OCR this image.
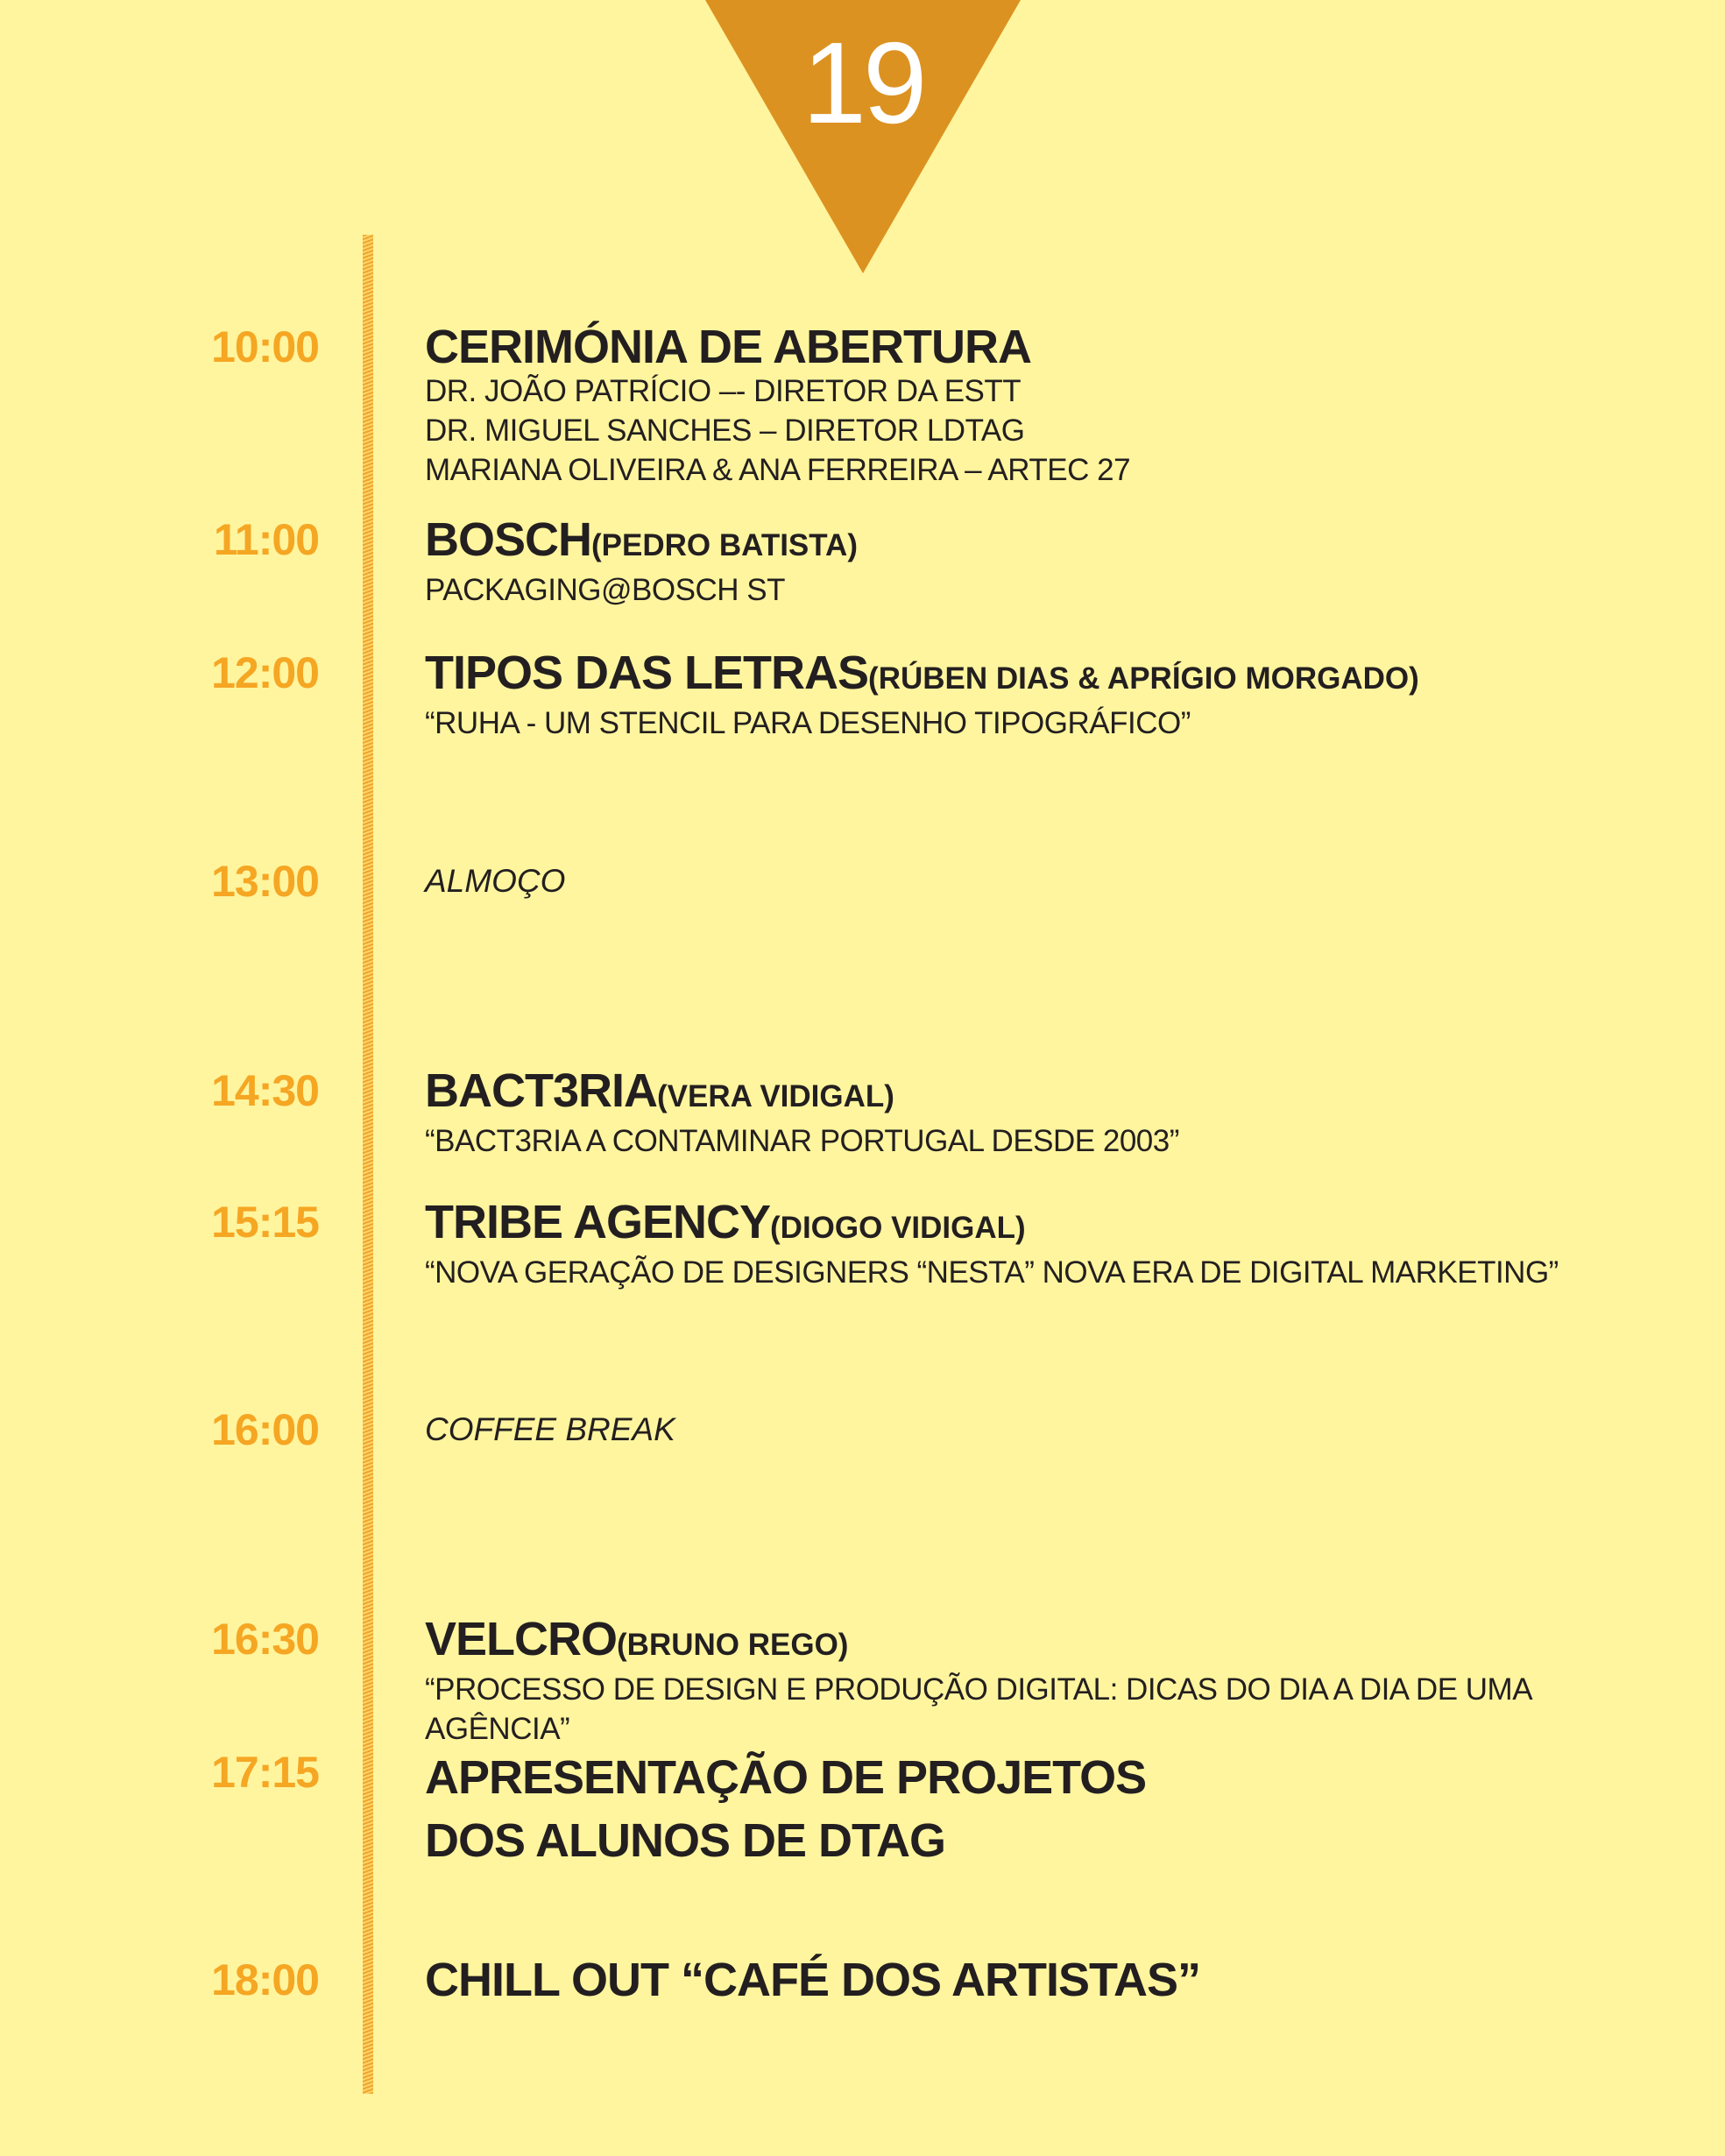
19
10:00 CERIMÓNIA DE ABERTURA
DR. JOÃO PATRÍCIO –- DIRETOR DA ESTT
DR. MIGUEL SANCHES – DIRETOR LDTAG
MARIANA OLIVEIRA & ANA FERREIRA – ARTEC 27
11:00 BOSCH(PEDRO BATISTA)
PACKAGING@BOSCH ST
12:00 TIPOS DAS LETRAS(RÚBEN DIAS & APRÍGIO MORGADO)
“RUHA - UM STENCIL PARA DESENHO TIPOGRÁFICO”
13:00	ALMOÇO
14:30 BACT3RIA(VERA VIDIGAL)
“BACT3RIA A CONTAMINAR PORTUGAL DESDE 2003”
15:15 TRIBE AGENCY(DIOGO VIDIGAL)
“NOVA GERAÇÃO DE DESIGNERS “NESTA” NOVA ERA DE DIGITAL MARKETING”
16:00	COFFEE BREAK
16:30 VELCRO(BRUNO REGO)
“PROCESSO DE DESIGN E PRODUÇÃO DIGITAL: DICAS DO DIA A DIA DE UMA
AGÊNCIA”
17:15 APRESENTAÇÃO DE PROJETOS
DOS ALUNOS DE DTAG
18:00 CHILL OUT “CAFÉ DOS ARTISTAS”
